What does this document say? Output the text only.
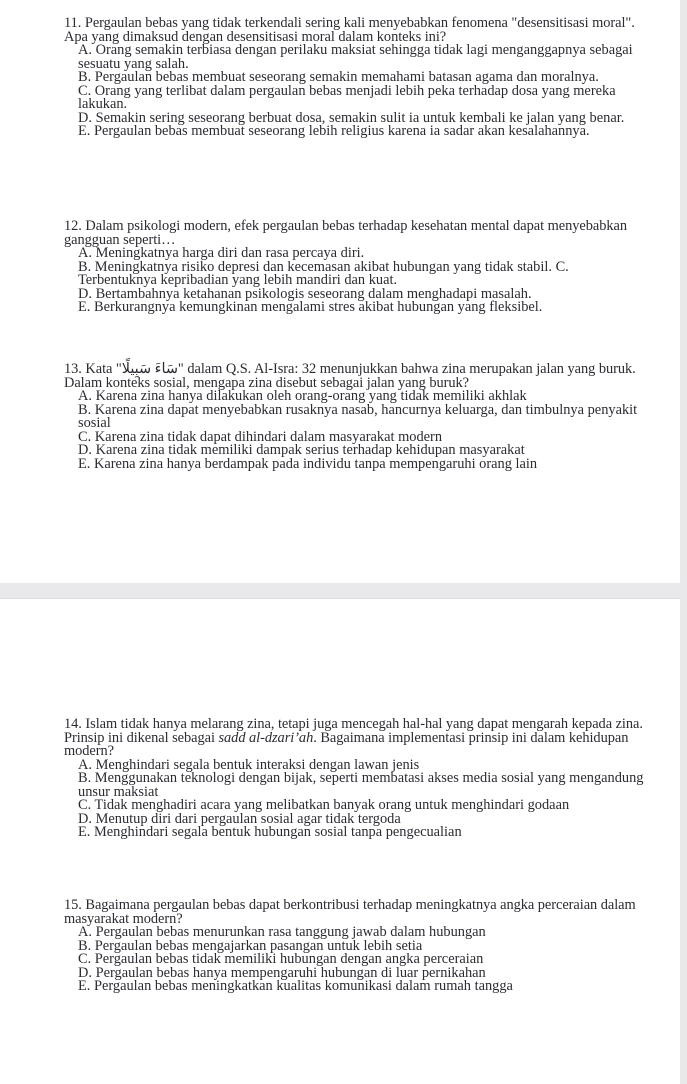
11. Pergaulan bebas yang tidak terkendali sering kali menyebabkan fenomena "desensitisasi moral". Apa yang dimaksud dengan desensitisasi moral dalam konteks ini?
A. Orang semakin terbiasa dengan perilaku maksiat sehingga tidak lagi menganggapnya sebagai sesuatu yang salah.
B. Pergaulan bebas membuat seseorang semakin memahami batasan agama dan moralnya.
C. Orang yang terlibat dalam pergaulan bebas menjadi lebih peka terhadap dosa yang mereka lakukan.
D. Semakin sering seseorang berbuat dosa, semakin sulit ia untuk kembali ke jalan yang benar.
E. Pergaulan bebas membuat seseorang lebih religius karena ia sadar akan kesalahannya.
12. Dalam psikologi modern, efek pergaulan bebas terhadap kesehatan mental dapat menyebabkan gangguan seperti…
A. Meningkatnya harga diri dan rasa percaya diri.
B. Meningkatnya risiko depresi dan kecemasan akibat hubungan yang tidak stabil. C. Terbentuknya kepribadian yang lebih mandiri dan kuat.
D. Bertambahnya ketahanan psikologis seseorang dalam menghadapi masalah.
E. Berkurangnya kemungkinan mengalami stres akibat hubungan yang fleksibel.
13. Kata "سَاءَ سَبِيلًا" dalam Q.S. Al-Isra: 32 menunjukkan bahwa zina merupakan jalan yang buruk. Dalam konteks sosial, mengapa zina disebut sebagai jalan yang buruk?
A. Karena zina hanya dilakukan oleh orang-orang yang tidak memiliki akhlak
B. Karena zina dapat menyebabkan rusaknya nasab, hancurnya keluarga, dan timbulnya penyakit sosial
C. Karena zina tidak dapat dihindari dalam masyarakat modern
D. Karena zina tidak memiliki dampak serius terhadap kehidupan masyarakat
E. Karena zina hanya berdampak pada individu tanpa mempengaruhi orang lain
14. Islam tidak hanya melarang zina, tetapi juga mencegah hal-hal yang dapat mengarah kepada zina. Prinsip ini dikenal sebagai sadd al-dzari’ah. Bagaimana implementasi prinsip ini dalam kehidupan modern?
A. Menghindari segala bentuk interaksi dengan lawan jenis
B. Menggunakan teknologi dengan bijak, seperti membatasi akses media sosial yang mengandung unsur maksiat
C. Tidak menghadiri acara yang melibatkan banyak orang untuk menghindari godaan
D. Menutup diri dari pergaulan sosial agar tidak tergoda
E. Menghindari segala bentuk hubungan sosial tanpa pengecualian
15. Bagaimana pergaulan bebas dapat berkontribusi terhadap meningkatnya angka perceraian dalam masyarakat modern?
A. Pergaulan bebas menurunkan rasa tanggung jawab dalam hubungan
B. Pergaulan bebas mengajarkan pasangan untuk lebih setia
C. Pergaulan bebas tidak memiliki hubungan dengan angka perceraian
D. Pergaulan bebas hanya mempengaruhi hubungan di luar pernikahan
E. Pergaulan bebas meningkatkan kualitas komunikasi dalam rumah tangga
